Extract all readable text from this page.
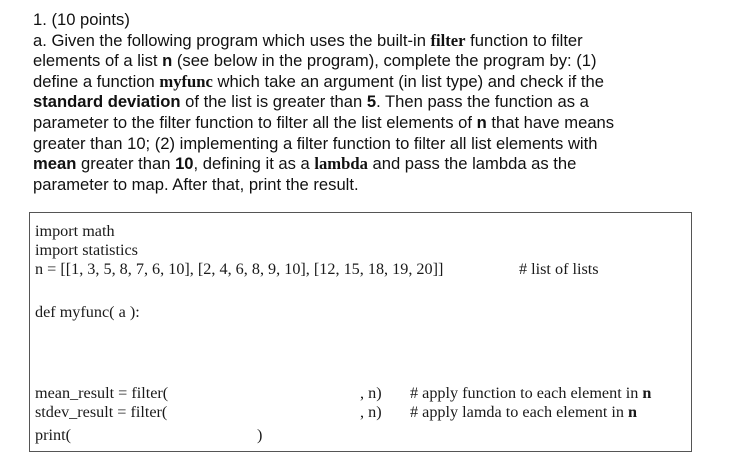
1. (10 points)
a. Given the following program which uses the built-in filter function to filter
elements of a list n (see below in the program), complete the program by: (1)
define a function myfunc which take an argument (in list type) and check if the
standard deviation of the list is greater than 5. Then pass the function as a
parameter to the filter function to filter all the list elements of n that have means
greater than 10; (2) implementing a filter function to filter all list elements with
mean greater than 10, defining it as a lambda and pass the lambda as the
parameter to map. After that, print the result.
import math
import statistics
n = [[1, 3, 5, 8, 7, 6, 10], [2, 4, 6, 8, 9, 10], [12, 15, 18, 19, 20]]	# list of lists
def myfunc( a ):
mean_result = filter(	, n) # apply function to each element in n
stdev_result = filter(	, n) # apply lamda to each element in n
print(	)
